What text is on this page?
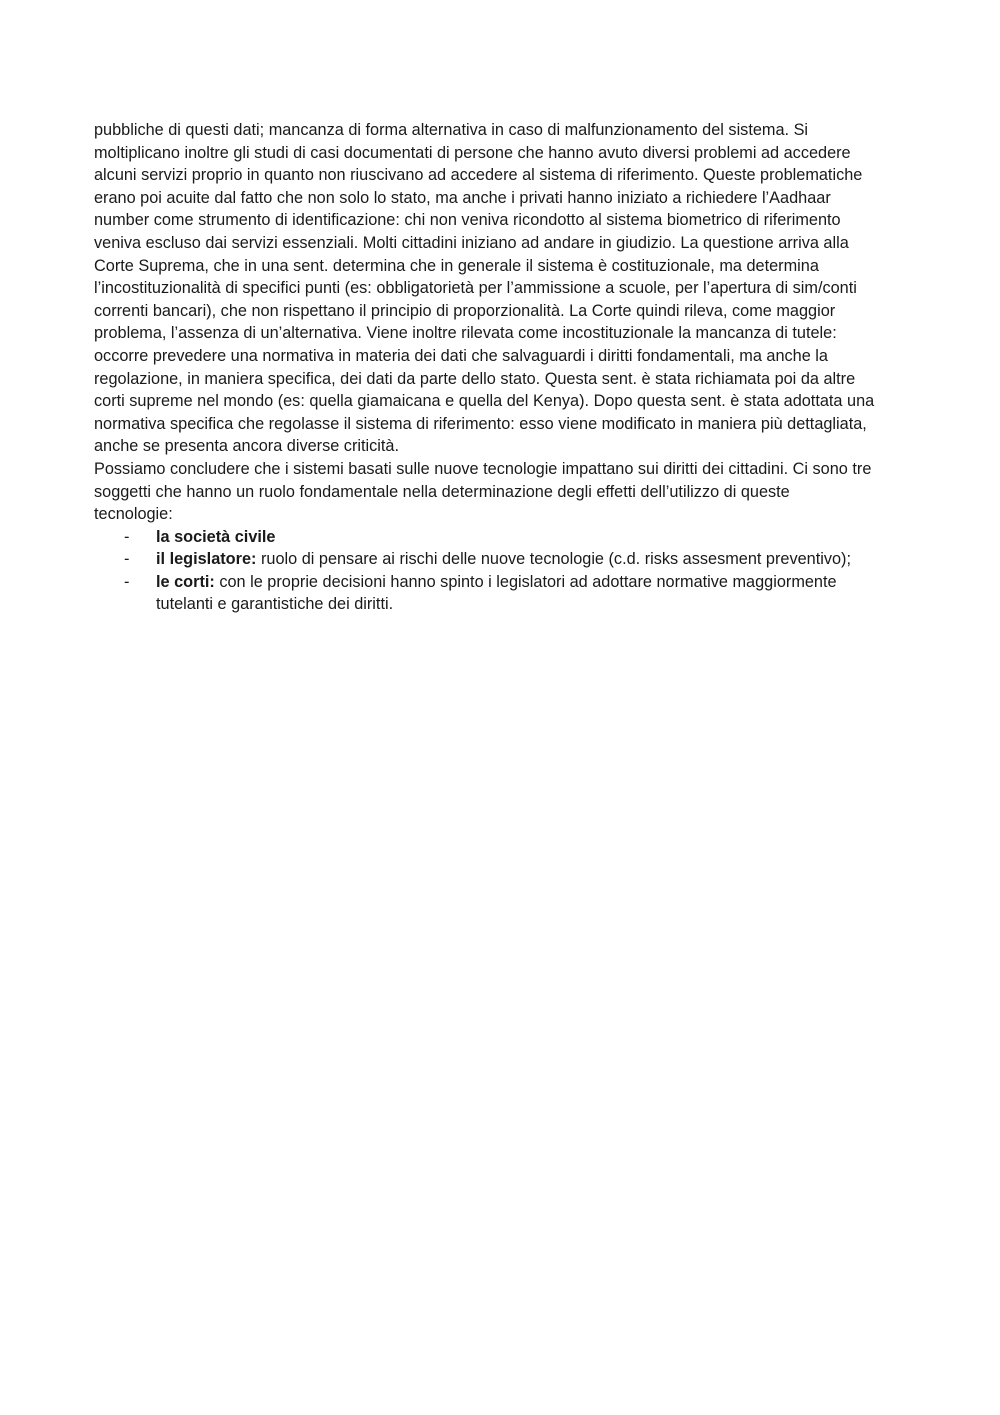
pubbliche di questi dati; mancanza di forma alternativa in caso di malfunzionamento del sistema. Si
moltiplicano inoltre gli studi di casi documentati di persone che hanno avuto diversi problemi ad accedere
alcuni servizi proprio in quanto non riuscivano ad accedere al sistema di riferimento. Queste problematiche
erano poi acuite dal fatto che non solo lo stato, ma anche i privati hanno iniziato a richiedere l’Aadhaar
number come strumento di identificazione: chi non veniva ricondotto al sistema biometrico di riferimento
veniva escluso dai servizi essenziali. Molti cittadini iniziano ad andare in giudizio. La questione arriva alla
Corte Suprema, che in una sent. determina che in generale il sistema è costituzionale, ma determina
l’incostituzionalità di specifici punti (es: obbligatorietà per l’ammissione a scuole, per l’apertura di sim/conti
correnti bancari), che non rispettano il principio di proporzionalità. La Corte quindi rileva, come maggior
problema, l’assenza di un’alternativa. Viene inoltre rilevata come incostituzionale la mancanza di tutele:
occorre prevedere una normativa in materia dei dati che salvaguardi i diritti fondamentali, ma anche la
regolazione, in maniera specifica, dei dati da parte dello stato. Questa sent. è stata richiamata poi da altre
corti supreme nel mondo (es: quella giamaicana e quella del Kenya). Dopo questa sent. è stata adottata una
normativa specifica che regolasse il sistema di riferimento: esso viene modificato in maniera più dettagliata,
anche se presenta ancora diverse criticità.

Possiamo concludere che i sistemi basati sulle nuove tecnologie impattano sui diritti dei cittadini. Ci sono tre
soggetti che hanno un ruolo fondamentale nella determinazione degli effetti dell’utilizzo di queste
tecnologie:

- la società civile
- il legislatore: ruolo di pensare ai rischi delle nuove tecnologie (c.d. risks assesment preventivo);
- le corti: con le proprie decisioni hanno spinto i legislatori ad adottare normative maggiormente
tutelanti e garantistiche dei diritti.
